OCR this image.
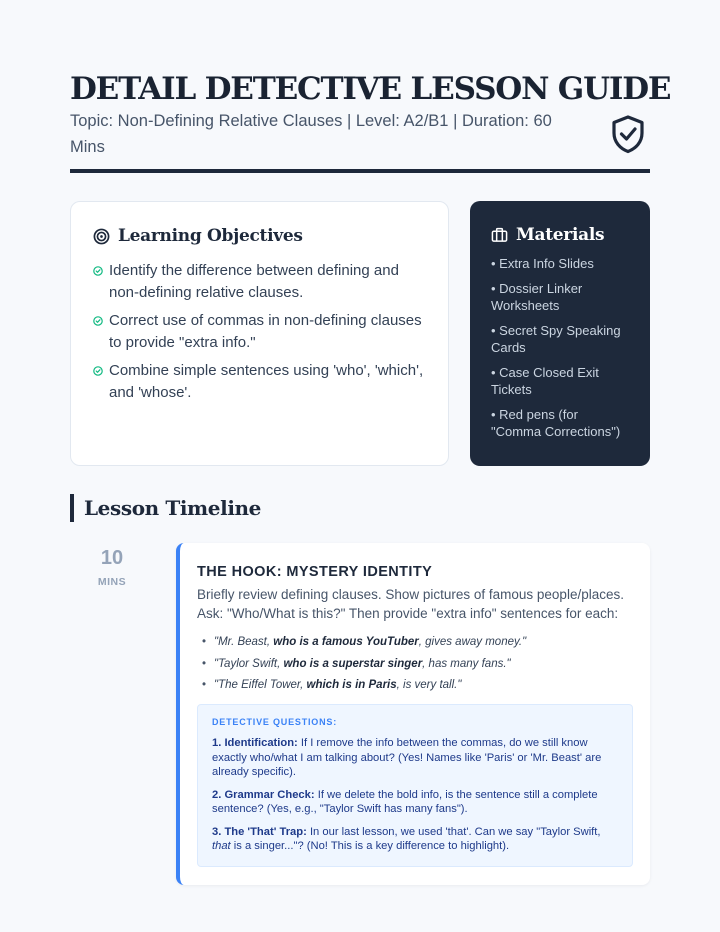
DETAIL DETECTIVE LESSON GUIDE

Topic: Non-Defining Relative Clauses | Level: A2/B1 | Duration: 60 Mins

Learning Objectives
Identify the difference between defining and non-defining relative clauses.
Correct use of commas in non-defining clauses to provide "extra info."
Combine simple sentences using 'who', 'which', and 'whose'.
Materials
• Extra Info Slides
• Dossier Linker Worksheets
• Secret Spy Speaking Cards
• Case Closed Exit Tickets
• Red pens (for "Comma Corrections")
Lesson Timeline
10
MINS
THE HOOK: MYSTERY IDENTITY

Briefly review defining clauses. Show pictures of famous people/places. Ask: "Who/What is this?" Then provide "extra info" sentences for each:

• "Mr. Beast, who is a famous YouTuber, gives away money."
• "Taylor Swift, who is a superstar singer, has many fans."
• "The Eiffel Tower, which is in Paris, is very tall."
DETECTIVE QUESTIONS:

1. Identification: If I remove the info between the commas, do we still know exactly who/what I am talking about? (Yes! Names like 'Paris' or 'Mr. Beast' are already specific).

2. Grammar Check: If we delete the bold info, is the sentence still a complete sentence? (Yes, e.g., "Taylor Swift has many fans").

3. The 'That' Trap: In our last lesson, we used 'that'. Can we say "Taylor Swift, that is a singer..."? (No! This is a key difference to highlight).
